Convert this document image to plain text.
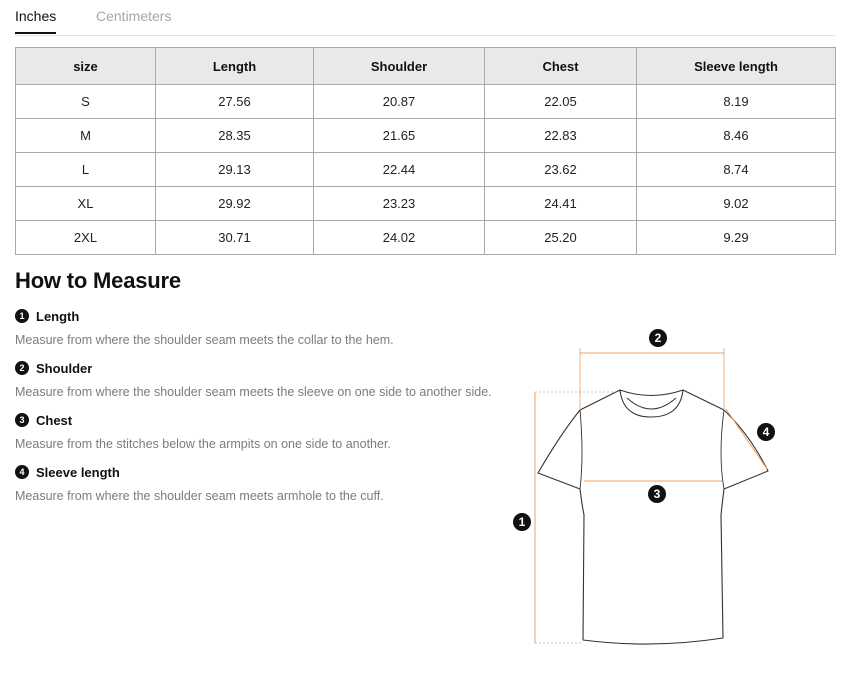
Inches	Centimeters
size	Length	Shoulder	Chest	Sleeve length
S	27.56	20.87	22.05	8.19
M	28.35	21.65	22.83	8.46
L	29.13	22.44	23.62	8.74
XL	29.92	23.23	24.41	9.02
2XL	30.71	24.02	25.20	9.29
How to Measure
1 Length
Measure from where the shoulder seam meets the collar to the hem.
2 Shoulder
Measure from where the shoulder seam meets the sleeve on one side to another side.
3 Chest
Measure from the stitches below the armpits on one side to another.
4 Sleeve length
Measure from where the shoulder seam meets armhole to the cuff.
2
4
3
1
